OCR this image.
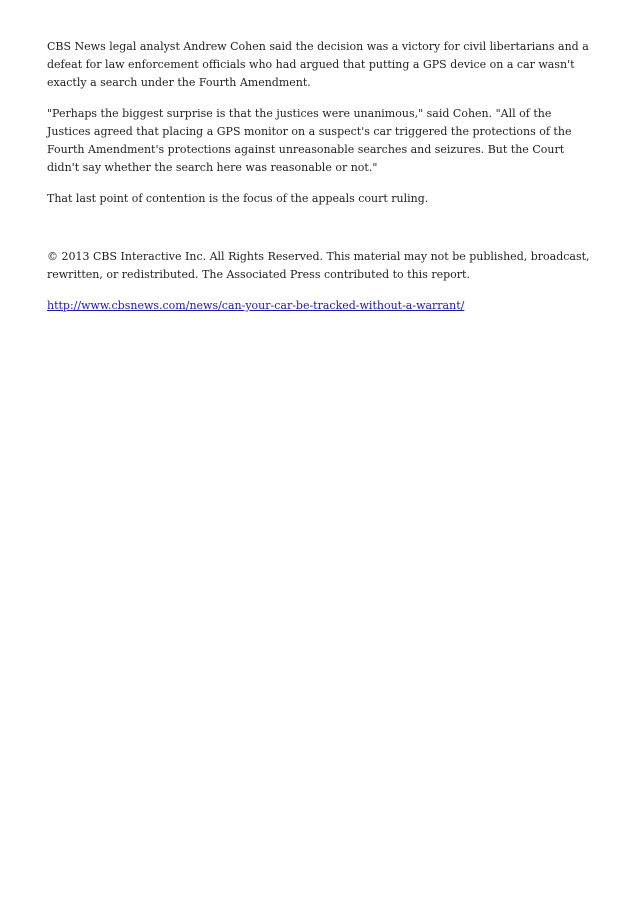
CBS News legal analyst Andrew Cohen said the decision was a victory for civil libertarians and a defeat for law enforcement officials who had argued that putting a GPS device on a car wasn't exactly a search under the Fourth Amendment.

"Perhaps the biggest surprise is that the justices were unanimous," said Cohen. "All of the Justices agreed that placing a GPS monitor on a suspect's car triggered the protections of the Fourth Amendment's protections against unreasonable searches and seizures. But the Court didn't say whether the search here was reasonable or not."

That last point of contention is the focus of the appeals court ruling.

© 2013 CBS Interactive Inc. All Rights Reserved. This material may not be published, broadcast, rewritten, or redistributed. The Associated Press contributed to this report.

http://www.cbsnews.com/news/can-your-car-be-tracked-without-a-warrant/
